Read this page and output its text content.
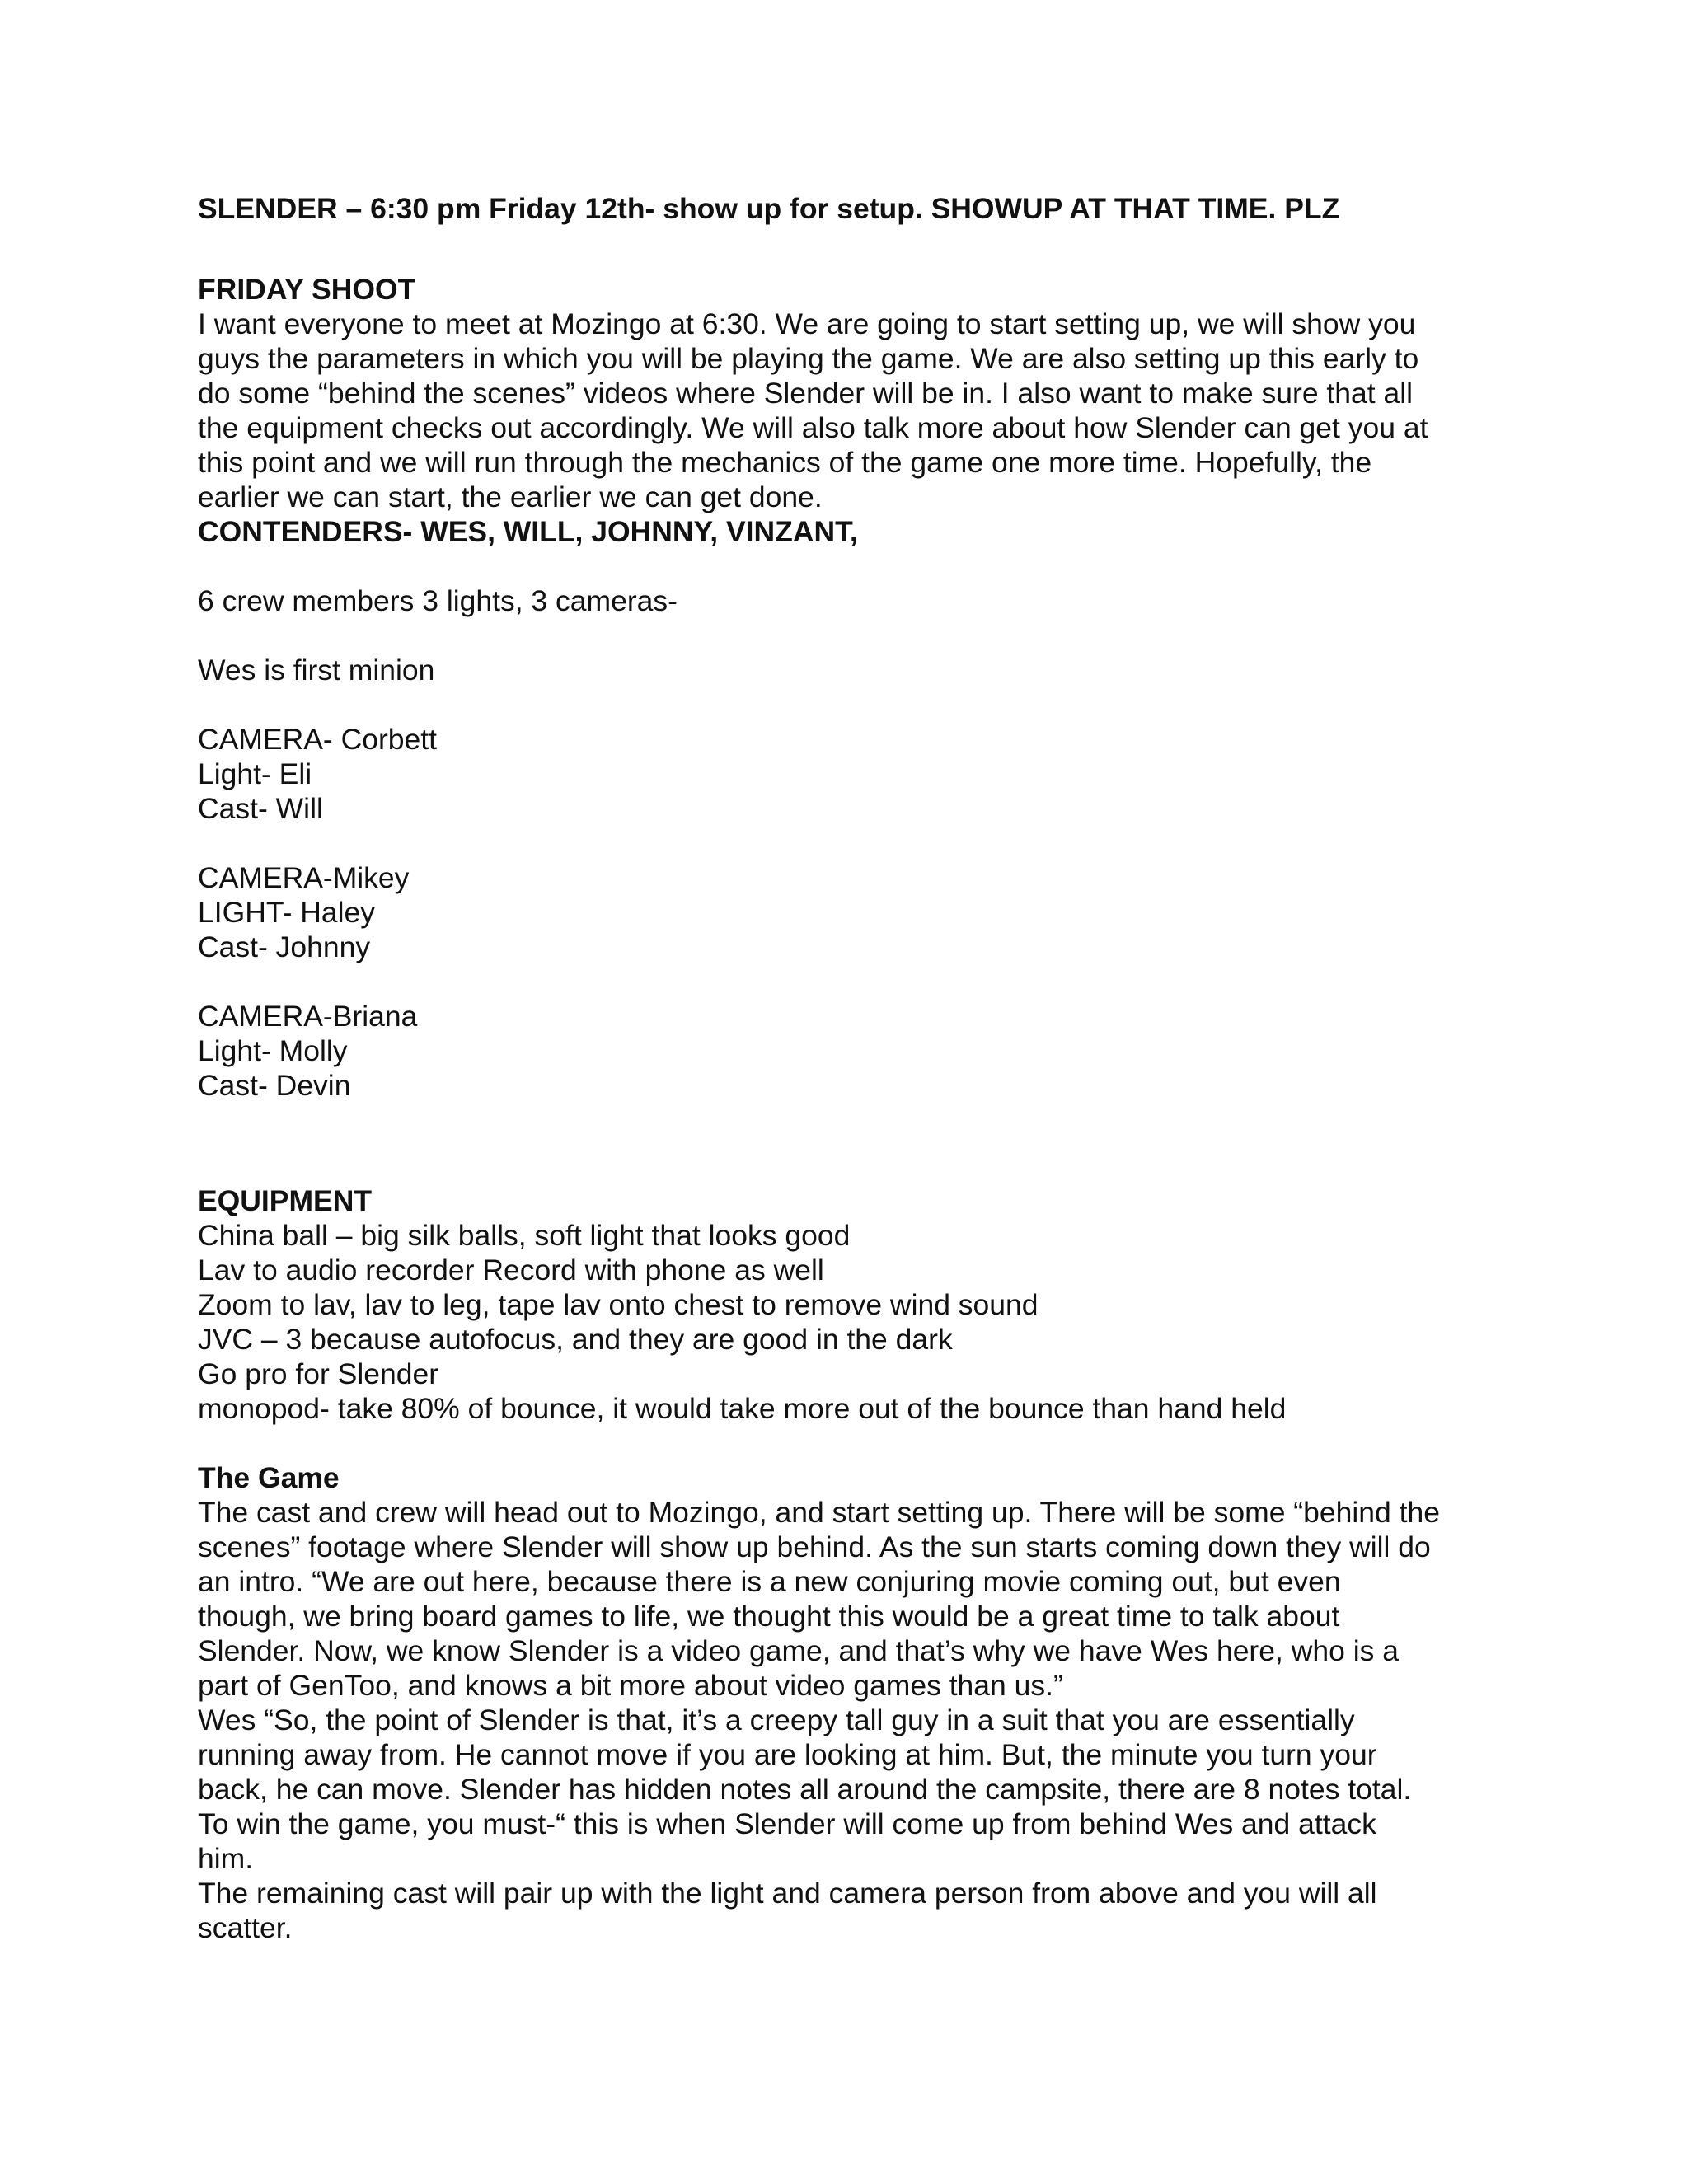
SLENDER – 6:30 pm Friday 12th- show up for setup. SHOWUP AT THAT TIME. PLZ
FRIDAY SHOOT
I want everyone to meet at Mozingo at 6:30. We are going to start setting up, we will show you
guys the parameters in which you will be playing the game. We are also setting up this early to
do some “behind the scenes” videos where Slender will be in. I also want to make sure that all
the equipment checks out accordingly. We will also talk more about how Slender can get you at
this point and we will run through the mechanics of the game one more time. Hopefully, the
earlier we can start, the earlier we can get done.
CONTENDERS- WES, WILL, JOHNNY, VINZANT,
6 crew members 3 lights, 3 cameras-
Wes is first minion
CAMERA- Corbett
Light- Eli
Cast- Will
CAMERA-Mikey
LIGHT- Haley
Cast- Johnny
CAMERA-Briana
Light- Molly
Cast- Devin
EQUIPMENT
China ball – big silk balls, soft light that looks good
Lav to audio recorder Record with phone as well
Zoom to lav, lav to leg, tape lav onto chest to remove wind sound
JVC – 3 because autofocus, and they are good in the dark
Go pro for Slender
monopod- take 80% of bounce, it would take more out of the bounce than hand held
The Game
The cast and crew will head out to Mozingo, and start setting up. There will be some “behind the
scenes” footage where Slender will show up behind. As the sun starts coming down they will do
an intro. “We are out here, because there is a new conjuring movie coming out, but even
though, we bring board games to life, we thought this would be a great time to talk about
Slender. Now, we know Slender is a video game, and that’s why we have Wes here, who is a
part of GenToo, and knows a bit more about video games than us.”
Wes “So, the point of Slender is that, it’s a creepy tall guy in a suit that you are essentially
running away from. He cannot move if you are looking at him. But, the minute you turn your
back, he can move. Slender has hidden notes all around the campsite, there are 8 notes total.
To win the game, you must-“ this is when Slender will come up from behind Wes and attack
him.
The remaining cast will pair up with the light and camera person from above and you will all
scatter.
